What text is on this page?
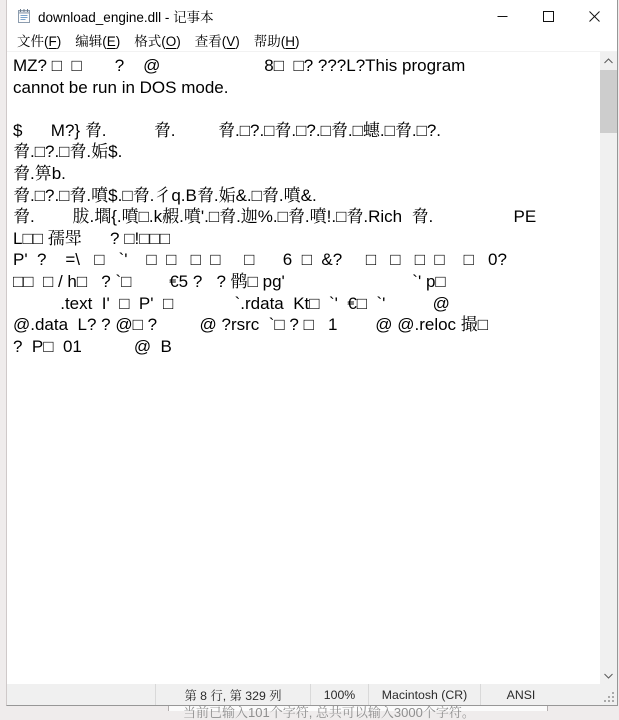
download_engine.dll - 记事本
文件(F)	编辑(E)	格式(O)	查看(V)	帮助(H)
MZ? □  □       ?    @                      8□  □? ???L?This program
cannot be run in DOS mode.
$      M?} 脅.          脅.         脅.□?.□脅.□?.□脅.□蟪.□脅.□?.
脅.□?.□脅.姤$.
脅.箅b.
脅.□?.□脅.噴$.□脅.彳q.B脅.姤&.□脅.噴&.
脅.        胈.壛{.噴□.k赮.噴'.□脅.迦%.□脅.噴!.□脅.Rich  脅.                 PE
L□□ 孺斝      ? □!□□□
P'  ?    =\   □   `'    □  □   □  □     □      6  □  &?     □   □   □  □    □   0?
□□  □ / h□   ? `□        €5 ?   ? 鹘□ pg'                           `' p□
.text  I'  □  P'  □             `.rdata  Kt□  `'  €□  `'          @
@.data  L? ? @□ ?         @ ?rsrc  `□ ? □   1        @ @.reloc 撮□
?  P□  01           @  B
第 8 行, 第 329 列	100%	Macintosh (CR)	ANSI
当前已输入101个字符, 总共可以输入3000个字符。
